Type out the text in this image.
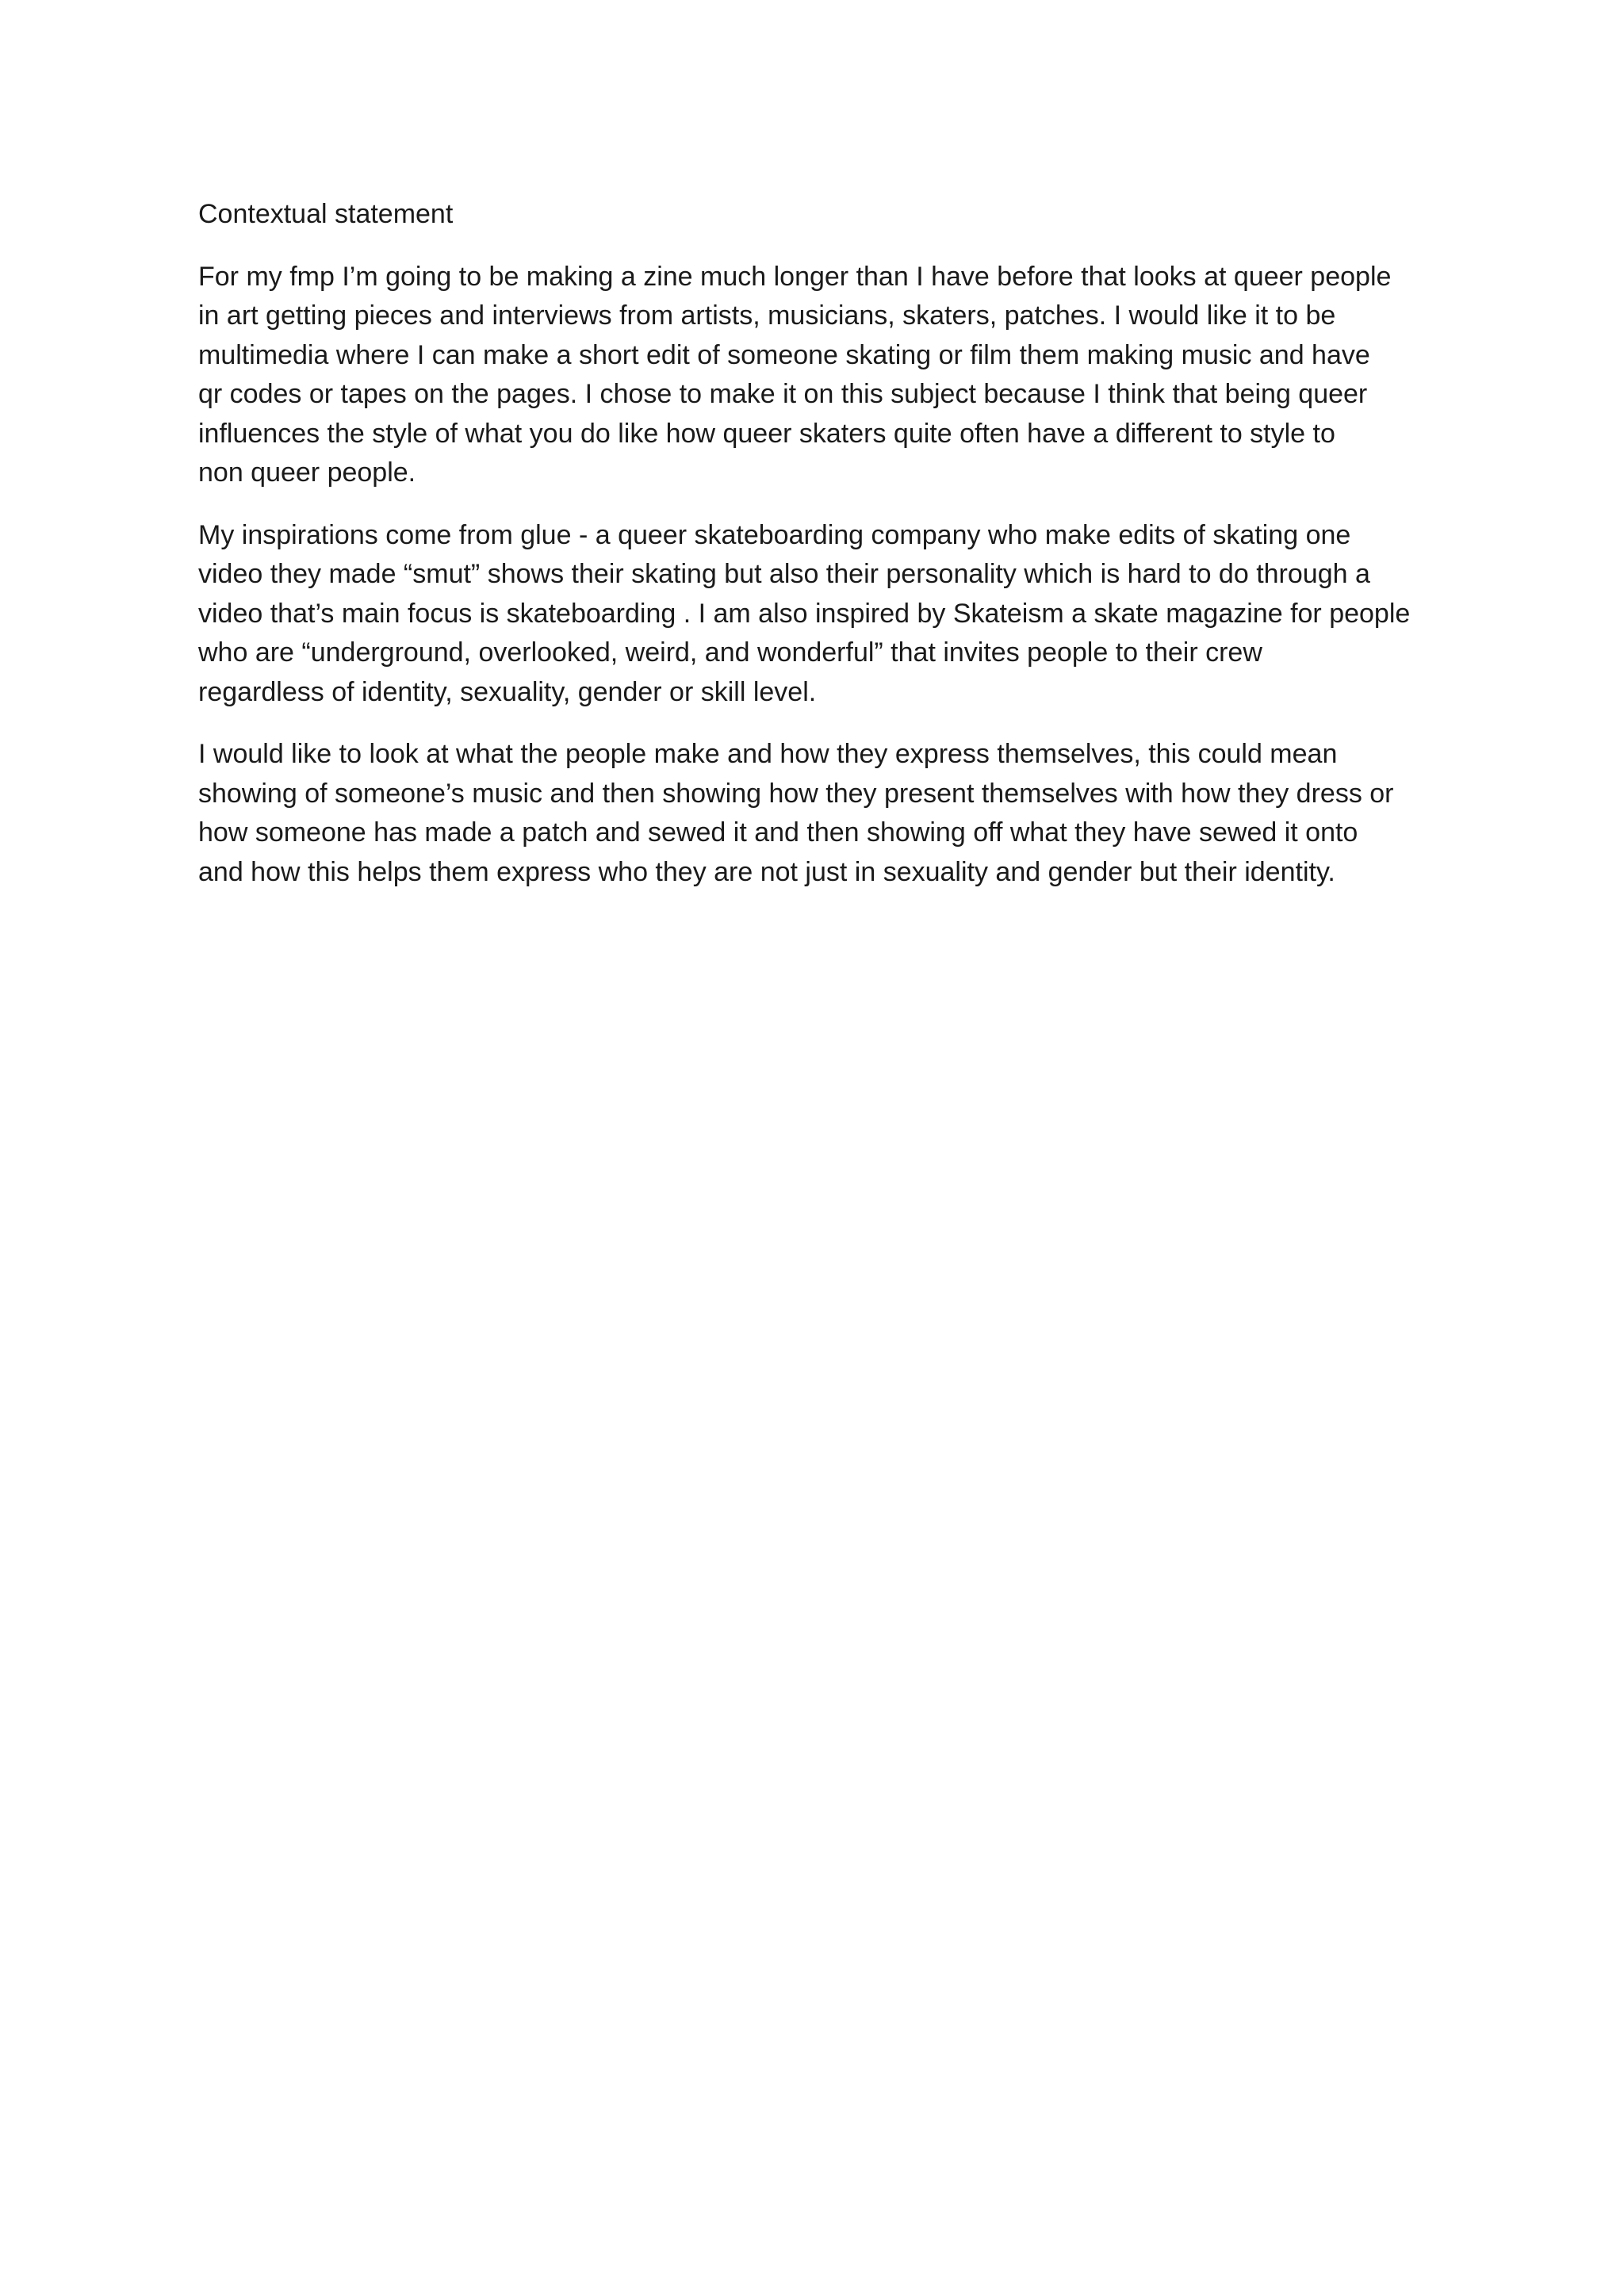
Contextual statement
For my fmp I’m going to be making a zine much longer than I have before that looks at queer people
in art getting pieces and interviews from artists, musicians, skaters, patches. I would like it to be
multimedia where I can make a short edit of someone skating or film them making music and have
qr codes or tapes on the pages. I chose to make it on this subject because I think that being queer
influences the style of what you do like how queer skaters quite often have a different to style to
non queer people.
My inspirations come from glue - a queer skateboarding company who make edits of skating one
video they made “smut” shows their skating but also their personality which is hard to do through a
video that’s main focus is skateboarding . I am also inspired by Skateism a skate magazine for people
who are “underground, overlooked, weird, and wonderful” that invites people to their crew
regardless of identity, sexuality, gender or skill level.
I would like to look at what the people make and how they express themselves, this could mean
showing of someone’s music and then showing how they present themselves with how they dress or
how someone has made a patch and sewed it and then showing off what they have sewed it onto
and how this helps them express who they are not just in sexuality and gender but their identity.
